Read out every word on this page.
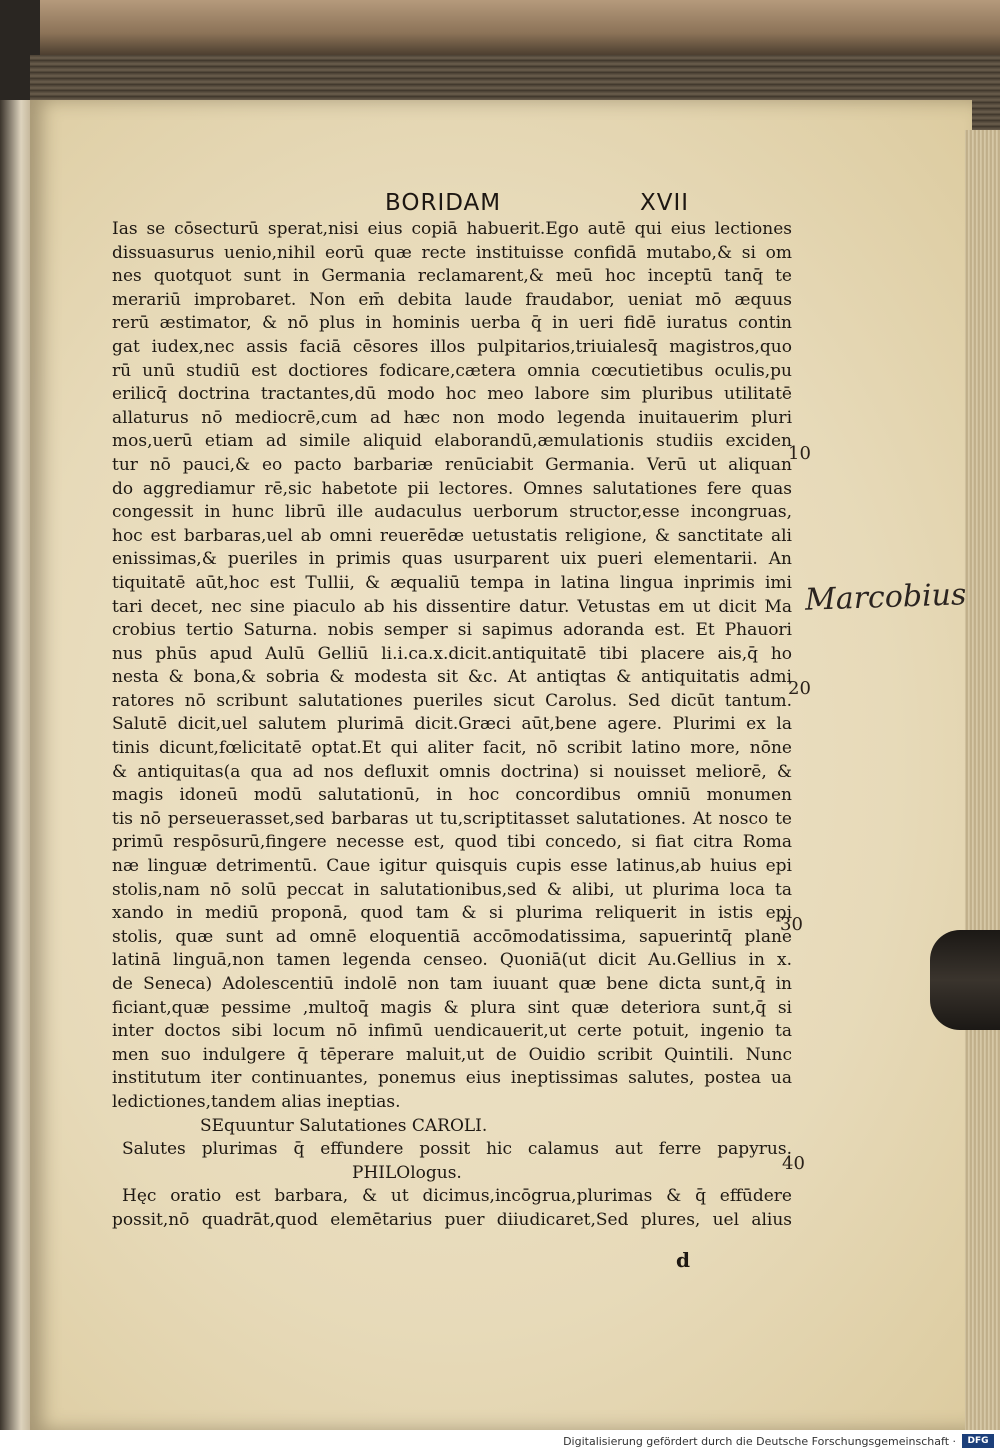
BORIDAM	XVII
Ias se cōsecturū sperat,nisi eius copiā habuerit.Ego autē qui eius lectiones
dissuasurus uenio,nihil eorū quæ recte instituisse confidā mutabo,& si om
nes quotquot sunt in Germania reclamarent,& meū hoc inceptū tanq̄ te
merariū improbaret. Non em̄ debita laude fraudabor, ueniat mō æquus
rerū æstimator, & nō plus in hominis uerba q̄ in ueri fidē iuratus contin
gat iudex,nec assis faciā cēsores illos pulpitarios,triuialesq̄ magistros,quo
rū unū studiū est doctiores fodicare,cætera omnia cœcutietibus oculis,pu
erilicq̄ doctrina tractantes,dū modo hoc meo labore sim pluribus utilitatē
allaturus nō mediocrē,cum ad hæc non modo legenda inuitauerim pluri
mos,uerū etiam ad simile aliquid elaborandū,æmulationis studiis exciden
tur nō pauci,& eo pacto barbariæ renūciabit Germania. Verū ut aliquan
do aggrediamur rē,sic habetote pii lectores. Omnes salutationes fere quas
congessit in hunc librū ille audaculus uerborum structor,esse incongruas,
hoc est barbaras,uel ab omni reuerēdæ uetustatis religione, & sanctitate ali
enissimas,& pueriles in primis quas usurparent uix pueri elementarii. An
tiquitatē aūt,hoc est Tullii, & æqualiū tempa in latina lingua inprimis imi
tari decet, nec sine piaculo ab his dissentire datur. Vetustas em ut dicit Ma
crobius tertio Saturna. nobis semper si sapimus adoranda est. Et Phauori
nus phūs apud Aulū Gelliū li.i.ca.x.dicit.antiquitatē tibi placere ais,q̄ ho
nesta & bona,& sobria & modesta sit &c. At antiqtas & antiquitatis admi
ratores nō scribunt salutationes pueriles sicut Carolus. Sed dicūt tantum.
Salutē dicit,uel salutem plurimā dicit.Græci aūt,bene agere. Plurimi ex la
tinis dicunt,fœlicitatē optat.Et qui aliter facit, nō scribit latino more, nōne
& antiquitas(a qua ad nos defluxit omnis doctrina) si nouisset meliorē, &
magis idoneū modū salutationū, in hoc concordibus omniū monumen
tis nō perseuerasset,sed barbaras ut tu,scriptitasset salutationes. At nosco te
primū respōsurū,fingere necesse est, quod tibi concedo, si fiat citra Roma
næ linguæ detrimentū. Caue igitur quisquis cupis esse latinus,ab huius epi
stolis,nam nō solū peccat in salutationibus,sed & alibi, ut plurima loca ta
xando in mediū proponā, quod tam & si plurima reliquerit in istis epi
stolis, quæ sunt ad omnē eloquentiā accōmodatissima, sapuerintq̄ plane
latinā linguā,non tamen legenda censeo. Quoniā(ut dicit Au.Gellius in x.
de Seneca) Adolescentiū indolē non tam iuuant quæ bene dicta sunt,q̄ in
ficiant,quæ pessime ,multoq̄ magis & plura sint quæ deteriora sunt,q̄ si
inter doctos sibi locum nō infimū uendicauerit,ut certe potuit, ingenio ta
men suo indulgere q̄ tēperare maluit,ut de Ouidio scribit Quintili. Nunc
institutum iter continuantes, ponemus eius ineptissimas salutes, postea ua
ledictiones,tandem alias ineptias.
SEquuntur Salutationes CAROLI.
Salutes plurimas q̄ effundere possit hic calamus aut ferre papyrus.
PHILOlogus.
Hęc oratio est barbara, & ut dicimus,incōgrua,plurimas & q̄ effūdere
possit,nō quadrāt,quod elemētarius puer diiudicaret,Sed plures, uel alius
10
20
30
40
Marcobius
d
Digitalisierung gefördert durch die Deutsche Forschungsgemeinschaft ·	DFG
